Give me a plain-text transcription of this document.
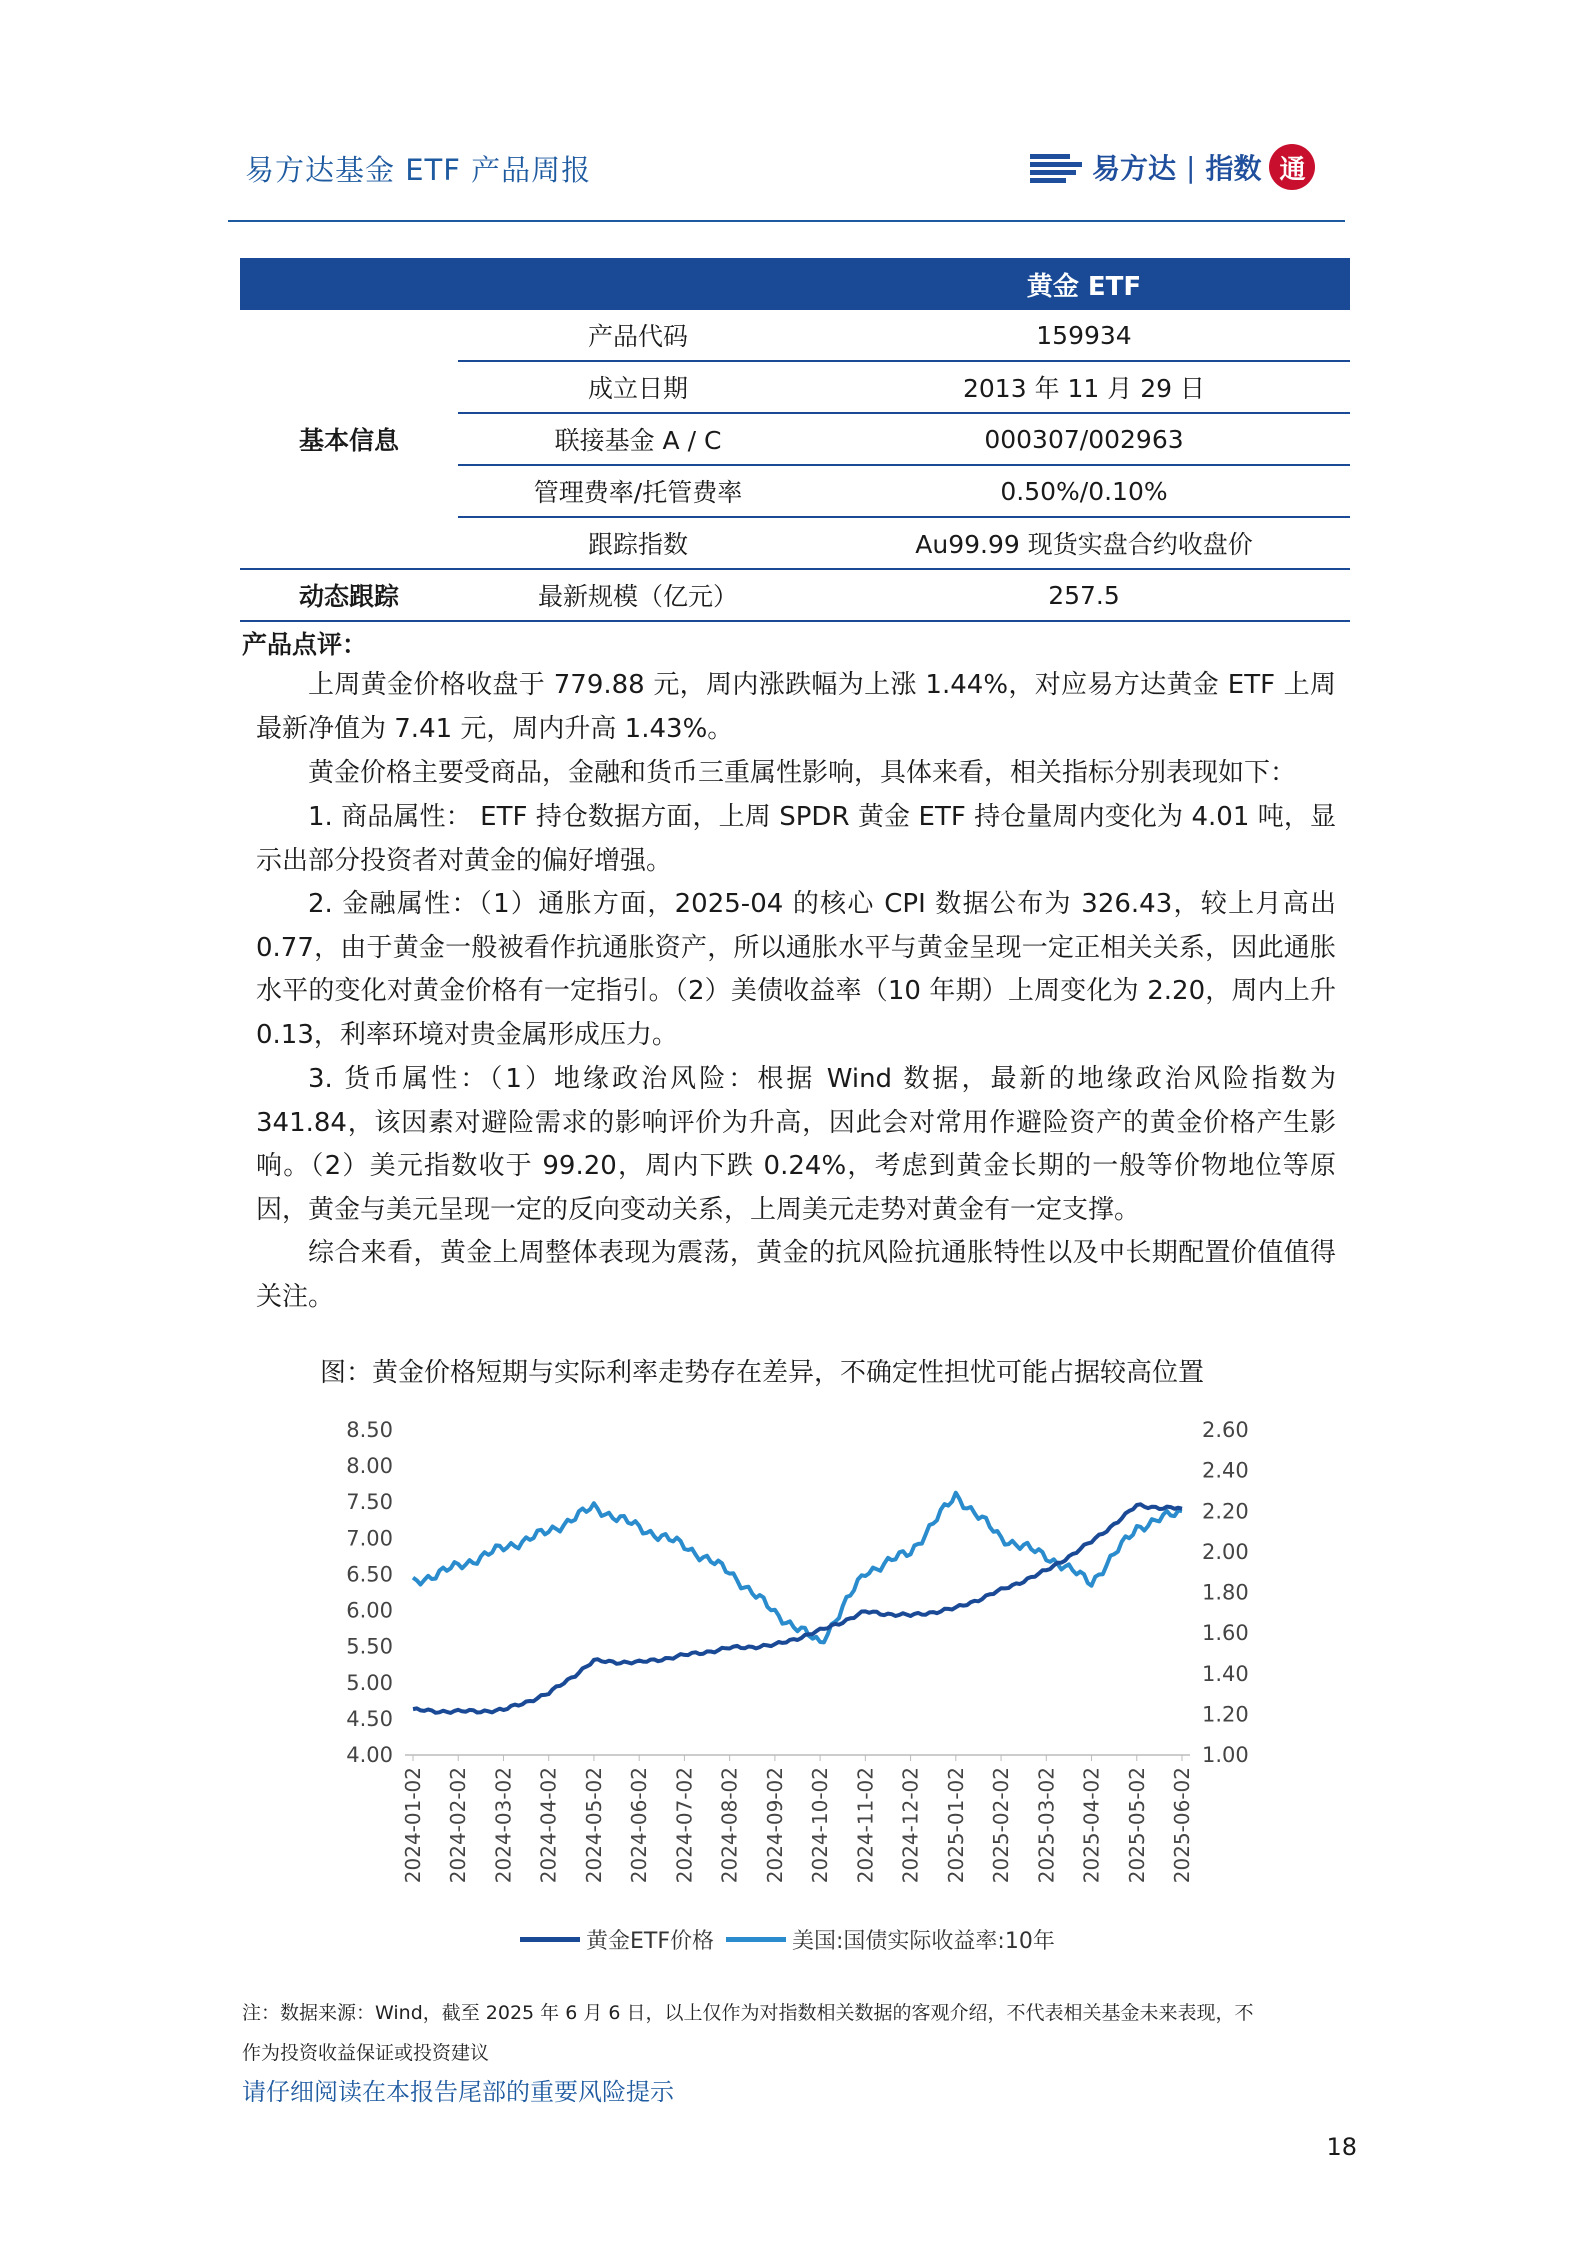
易方达基金 ETF 产品周报	易方达 | 指数 通
		黄金 ETF
基本信息	产品代码	159934
	成立日期	2013 年 11 月 29 日
	联接基金 A / C	000307/002963
	管理费率/托管费率	0.50%/0.10%
	跟踪指数	Au99.99 现货实盘合约收盘价
动态跟踪	最新规模（亿元）	257.5
产品点评：
上周黄金价格收盘于 779.88 元，周内涨跌幅为上涨 1.44%，对应易方达黄金 ETF 上周最新净值为 7.41 元，周内升高 1.43%。
黄金价格主要受商品，金融和货币三重属性影响，具体来看，相关指标分别表现如下：
1. 商品属性： ETF 持仓数据方面，上周 SPDR 黄金 ETF 持仓量周内变化为 4.01 吨，显示出部分投资者对黄金的偏好增强。
2. 金融属性：（1）通胀方面，2025-04 的核心 CPI 数据公布为 326.43，较上月高出 0.77，由于黄金一般被看作抗通胀资产，所以通胀水平与黄金呈现一定正相关关系，因此通胀水平的变化对黄金价格有一定指引。（2）美债收益率（10 年期）上周变化为 2.20，周内上升 0.13，利率环境对贵金属形成压力。
3. 货币属性：（1）地缘政治风险：根据 Wind 数据，最新的地缘政治风险指数为 341.84，该因素对避险需求的影响评价为升高，因此会对常用作避险资产的黄金价格产生影响。（2）美元指数收于 99.20，周内下跌 0.24%，考虑到黄金长期的一般等价物地位等原因，黄金与美元呈现一定的反向变动关系，上周美元走势对黄金有一定支撑。
综合来看，黄金上周整体表现为震荡，黄金的抗风险抗通胀特性以及中长期配置价值值得关注。
图：黄金价格短期与实际利率走势存在差异，不确定性担忧可能占据较高位置
8.50
8.00
7.50
7.00
6.50
6.00
5.50
5.00
4.50
4.00
2.60
2.40
2.20
2.00
1.80
1.60
1.40
1.20
1.00
2024-01-02 2024-02-02 2024-03-02 2024-04-02 2024-05-02 2024-06-02 2024-07-02 2024-08-02 2024-09-02 2024-10-02 2024-11-02 2024-12-02 2025-01-02 2025-02-02 2025-03-02 2025-04-02 2025-05-02 2025-06-02
黄金ETF价格	美国:国债实际收益率:10年
注：数据来源：Wind，截至 2025 年 6 月 6 日，以上仅作为对指数相关数据的客观介绍，不代表相关基金未来表现，不
作为投资收益保证或投资建议
请仔细阅读在本报告尾部的重要风险提示
18
